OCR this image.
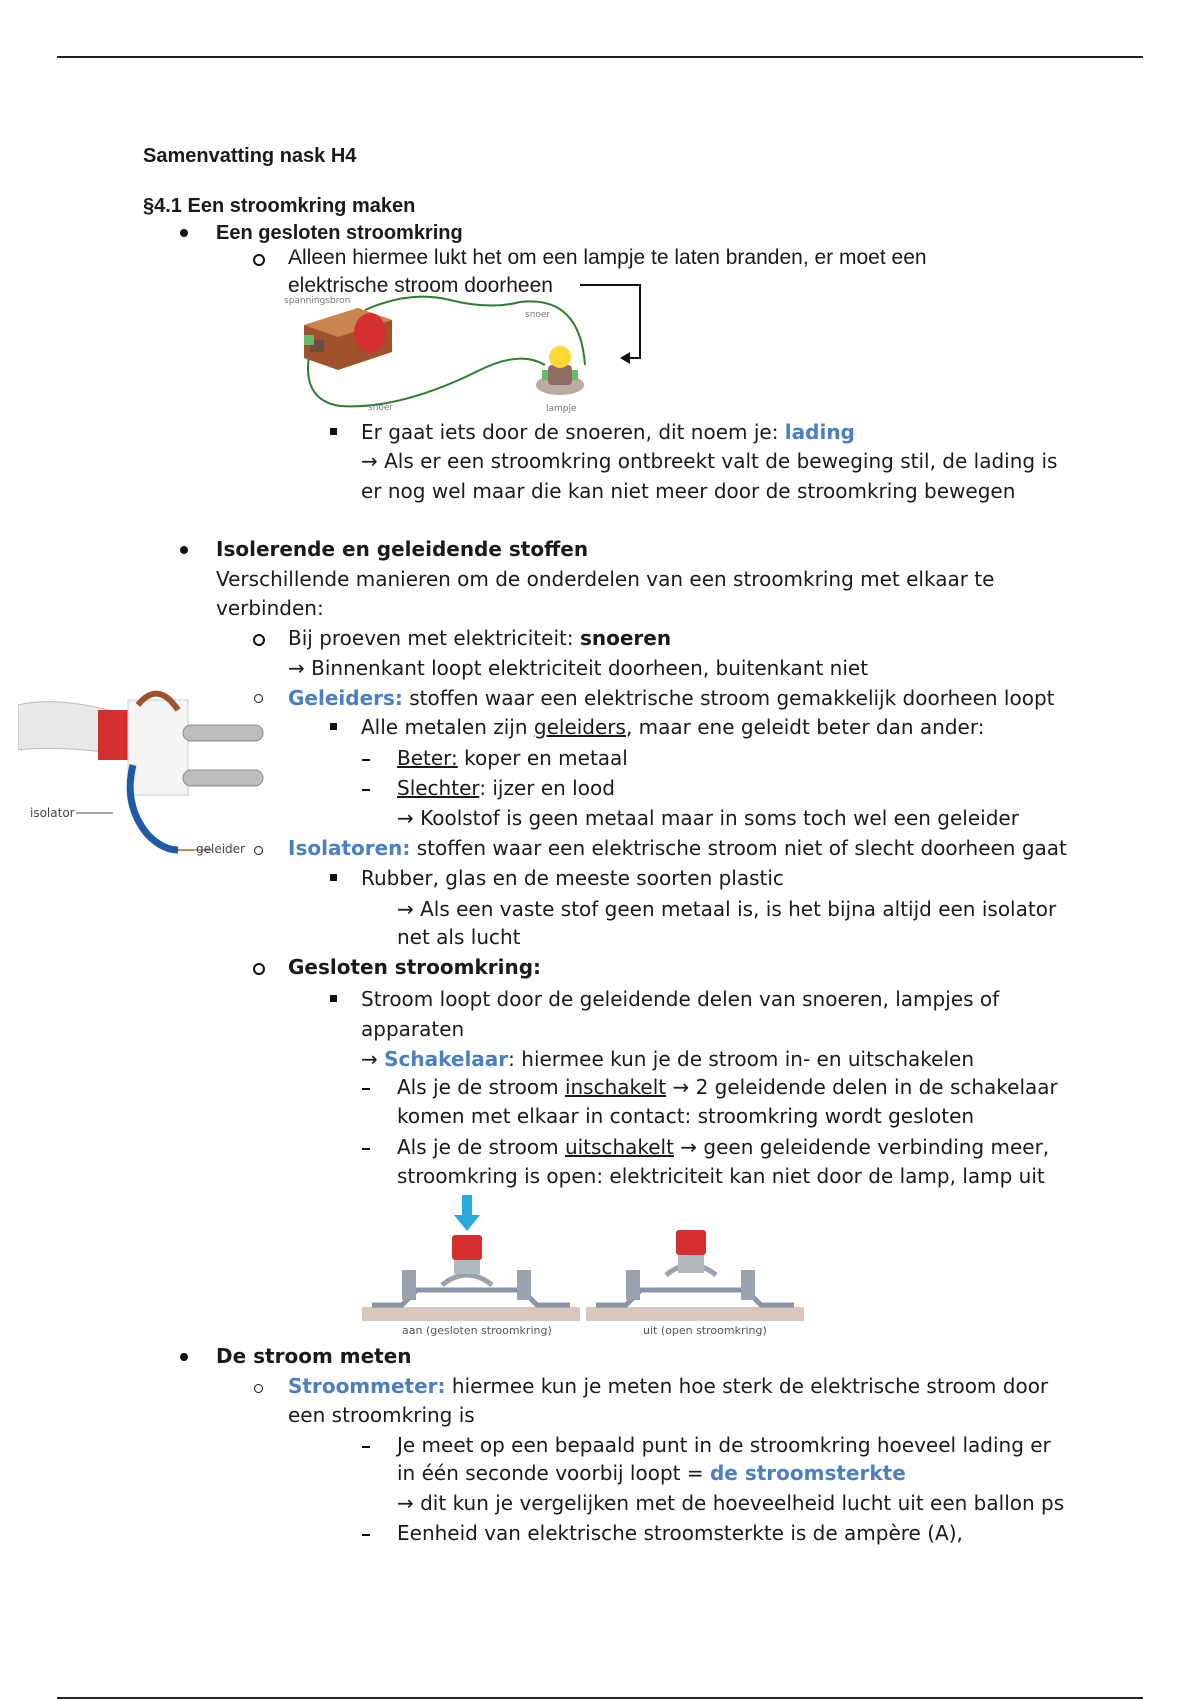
Samenvatting nask H4
§4.1 Een stroomkring maken
Een gesloten stroomkring
Alleen hiermee lukt het om een lampje te laten branden, er moet een
elektrische stroom doorheen
spanningsbron
snoer
snoer	lampje
Er gaat iets door de snoeren, dit noem je: lading
→ Als er een stroomkring ontbreekt valt de beweging stil, de lading is
er nog wel maar die kan niet meer door de stroomkring bewegen
Isolerende en geleidende stoffen
Verschillende manieren om de onderdelen van een stroomkring met elkaar te
verbinden:
Bij proeven met elektriciteit: snoeren
→ Binnenkant loopt elektriciteit doorheen, buitenkant niet
isolator
geleider
Geleiders: stoffen waar een elektrische stroom gemakkelijk doorheen loopt
Alle metalen zijn geleiders, maar ene geleidt beter dan ander:
Beter: koper en metaal
Slechter: ijzer en lood
→ Koolstof is geen metaal maar in soms toch wel een geleider
Isolatoren: stoffen waar een elektrische stroom niet of slecht doorheen gaat
Rubber, glas en de meeste soorten plastic
→ Als een vaste stof geen metaal is, is het bijna altijd een isolator
net als lucht
Gesloten stroomkring:
Stroom loopt door de geleidende delen van snoeren, lampjes of
apparaten
→ Schakelaar: hiermee kun je de stroom in- en uitschakelen
Als je de stroom inschakelt → 2 geleidende delen in de schakelaar
komen met elkaar in contact: stroomkring wordt gesloten
Als je de stroom uitschakelt → geen geleidende verbinding meer,
stroomkring is open: elektriciteit kan niet door de lamp, lamp uit
aan (gesloten stroomkring)	uit (open stroomkring)
De stroom meten
Stroommeter: hiermee kun je meten hoe sterk de elektrische stroom door
een stroomkring is
Je meet op een bepaald punt in de stroomkring hoeveel lading er
in één seconde voorbij loopt = de stroomsterkte
→ dit kun je vergelijken met de hoeveelheid lucht uit een ballon ps
Eenheid van elektrische stroomsterkte is de ampère (A),
